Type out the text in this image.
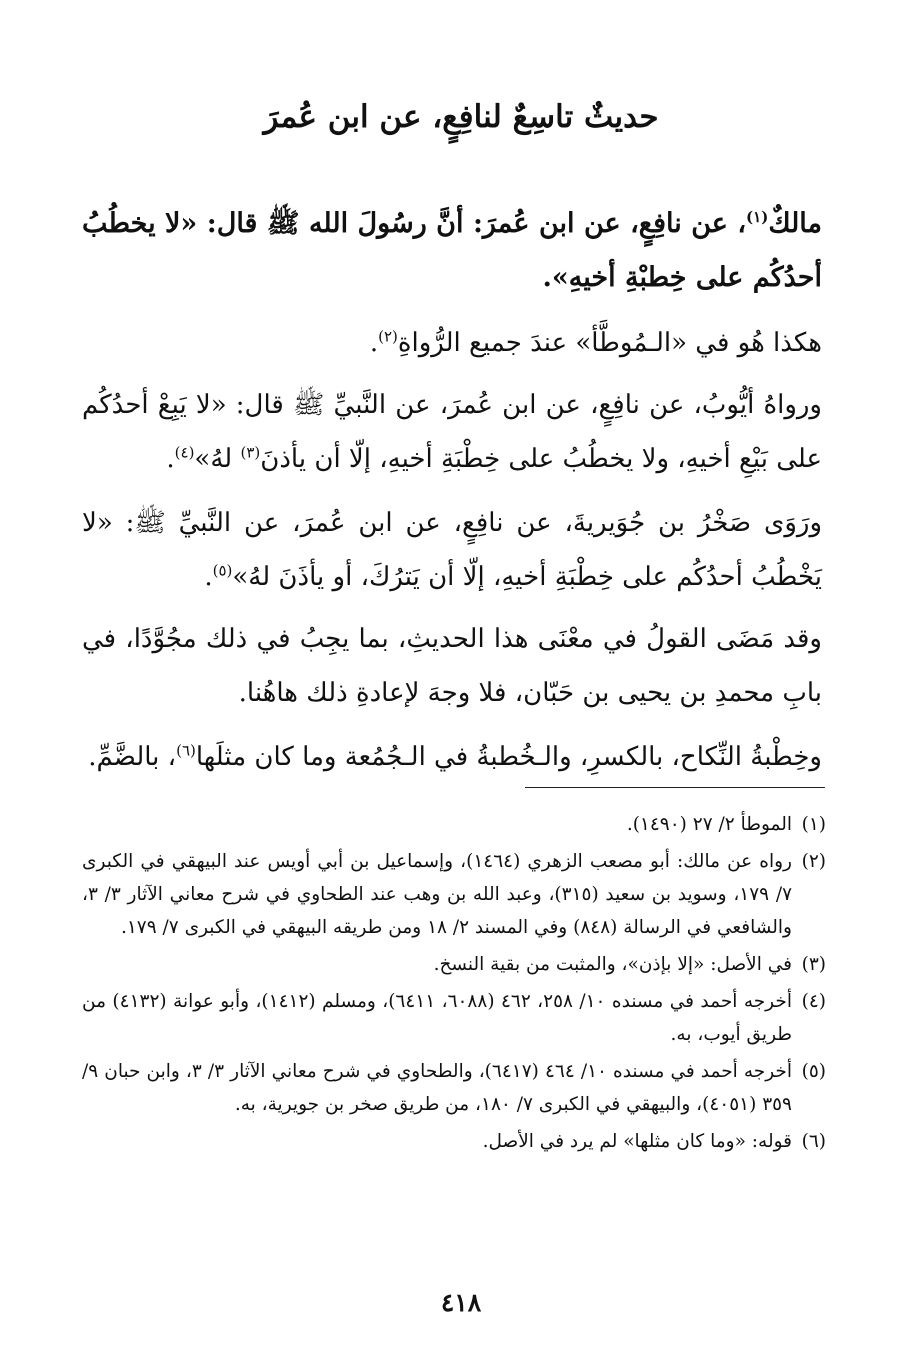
حديثٌ تاسِعٌ لنافِعٍ، عن ابن عُمرَ

مالكٌ$^{(١)}$، عن نافِعٍ، عن ابن عُمرَ: أنَّ رسُولَ الله ﷺ قال: «لا يخطُبُ أحدُكُم على خِطبْةِ أخيهِ».

هكذا هُو في «الـمُوطَّأ» عندَ جميع الرُّواةِ$^{(٢)}$.

ورواهُ أيُّوبُ، عن نافِعٍ، عن ابن عُمرَ، عن النَّبيِّ ﷺ قال: «لا يَبِعْ أحدُكُم على بَيْعِ أخيهِ، ولا يخطُبُ على خِطْبَةِ أخيهِ، إلّا أن يأذنَ$^{(٣)}$ لهُ»$^{(٤)}$.

ورَوَى صَخْرُ بن جُوَيريةَ، عن نافِعٍ، عن ابن عُمرَ، عن النَّبيِّ ﷺ: «لا يَخْطُبُ أحدُكُم على خِطْبَةِ أخيهِ، إلّا أن يَترُكَ، أو يأذَنَ لهُ»$^{(٥)}$.

وقد مَضَى القولُ في معْنَى هذا الحديثِ، بما يجِبُ في ذلك مجُوَّدًا، في بابِ محمدِ بن يحيى بن حَبّان، فلا وجهَ لإعادةِ ذلك هاهُنا.

وخِطْبةُ النِّكاح، بالكسرِ، والـخُطبةُ في الـجُمُعة وما كان مثلَها$^{(٦)}$، بالضَّمِّ.

(١)
الموطأ ٢/ ٢٧ (١٤٩٠).

(٢)
رواه عن مالك: أبو مصعب الزهري (١٤٦٤)، وإسماعيل بن أبي أويس عند البيهقي في الكبرى ٧/ ١٧٩، وسويد بن سعيد (٣١٥)، وعبد الله بن وهب عند الطحاوي في شرح معاني الآثار ٣/ ٣، والشافعي في الرسالة (٨٤٨) وفي المسند ٢/ ١٨ ومن طريقه البيهقي في الكبرى ٧/ ١٧٩.

(٣)
في الأصل: «إلا بإذن»، والمثبت من بقية النسخ.

(٤)
أخرجه أحمد في مسنده ١٠/ ٢٥٨، ٤٦٢ (٦٠٨٨، ٦٤١١)، ومسلم (١٤١٢)، وأبو عوانة (٤١٣٢) من طريق أيوب، به.

(٥)
أخرجه أحمد في مسنده ١٠/ ٤٦٤ (٦٤١٧)، والطحاوي في شرح معاني الآثار ٣/ ٣، وابن حبان ٩/ ٣٥٩ (٤٠٥١)، والبيهقي في الكبرى ٧/ ١٨٠، من طريق صخر بن جويرية، به.

(٦)
قوله: «وما كان مثلها» لم يرد في الأصل.

٤١٨
